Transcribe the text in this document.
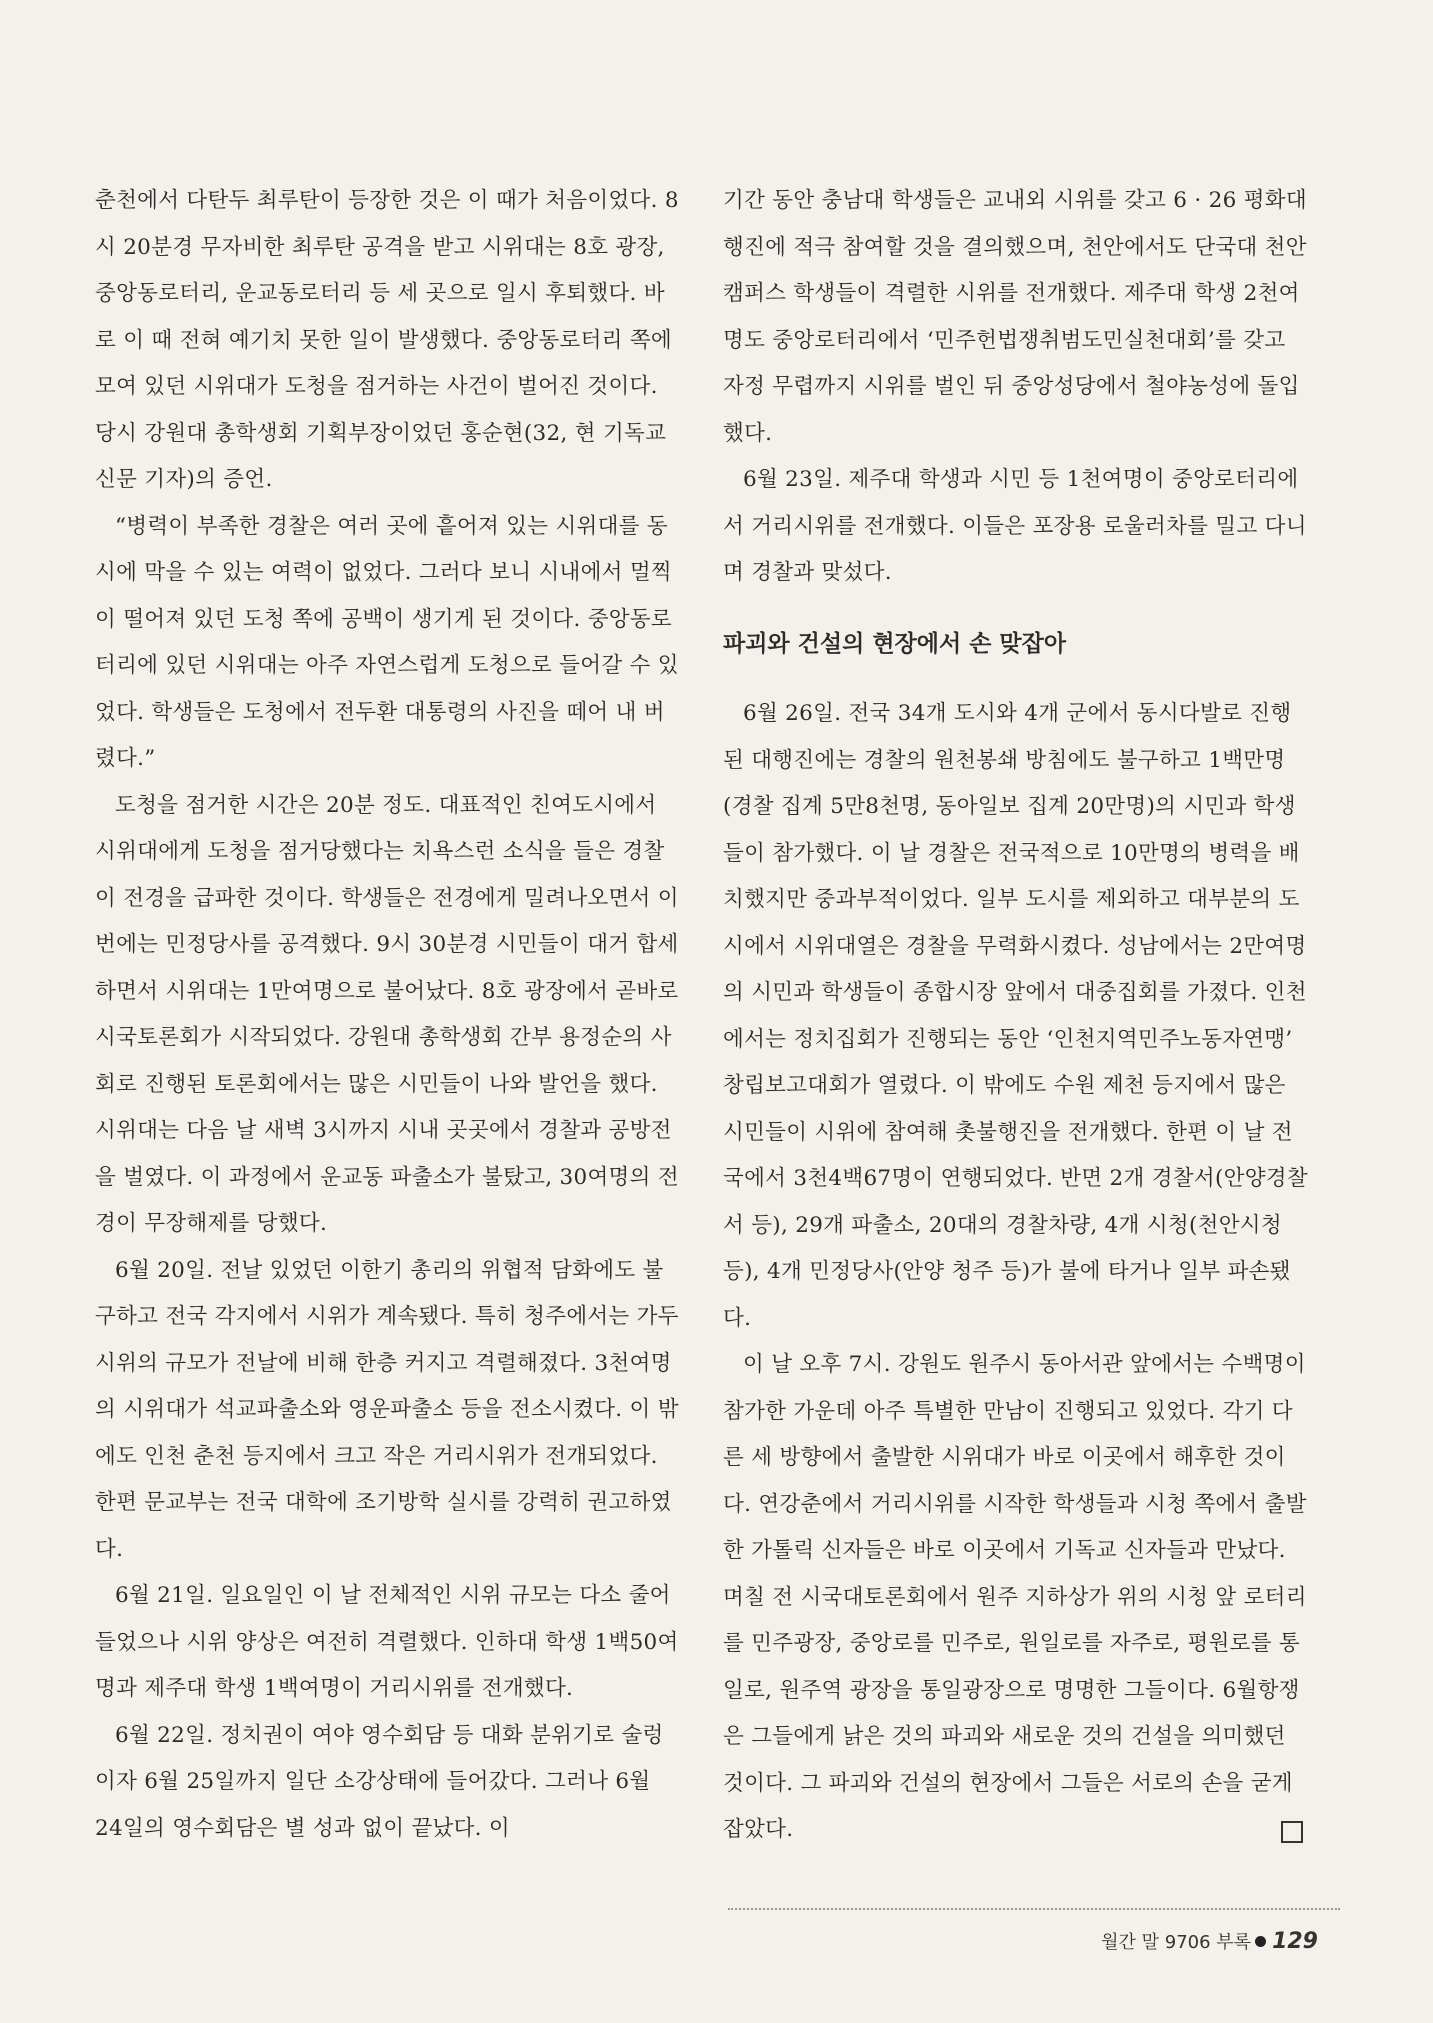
춘천에서 다탄두 최루탄이 등장한 것은 이 때가 처음이었다. 8시 20분경 무자비한 최루탄 공격을 받고 시위대는 8호 광장, 중앙동로터리, 운교동로터리 등 세 곳으로 일시 후퇴했다. 바로 이 때 전혀 예기치 못한 일이 발생했다. 중앙동로터리 쪽에 모여 있던 시위대가 도청을 점거하는 사건이 벌어진 것이다. 당시 강원대 총학생회 기획부장이었던 홍순현(32, 현 기독교신문 기자)의 증언.

“병력이 부족한 경찰은 여러 곳에 흩어져 있는 시위대를 동시에 막을 수 있는 여력이 없었다. 그러다 보니 시내에서 멀찍이 떨어져 있던 도청 쪽에 공백이 생기게 된 것이다. 중앙동로터리에 있던 시위대는 아주 자연스럽게 도청으로 들어갈 수 있었다. 학생들은 도청에서 전두환 대통령의 사진을 떼어 내 버렸다.”

도청을 점거한 시간은 20분 정도. 대표적인 친여도시에서 시위대에게 도청을 점거당했다는 치욕스런 소식을 들은 경찰이 전경을 급파한 것이다. 학생들은 전경에게 밀려나오면서 이번에는 민정당사를 공격했다. 9시 30분경 시민들이 대거 합세하면서 시위대는 1만여명으로 불어났다. 8호 광장에서 곧바로 시국토론회가 시작되었다. 강원대 총학생회 간부 용정순의 사회로 진행된 토론회에서는 많은 시민들이 나와 발언을 했다. 시위대는 다음 날 새벽 3시까지 시내 곳곳에서 경찰과 공방전을 벌였다. 이 과정에서 운교동 파출소가 불탔고, 30여명의 전경이 무장해제를 당했다.

6월 20일. 전날 있었던 이한기 총리의 위협적 담화에도 불구하고 전국 각지에서 시위가 계속됐다. 특히 청주에서는 가두시위의 규모가 전날에 비해 한층 커지고 격렬해졌다. 3천여명의 시위대가 석교파출소와 영운파출소 등을 전소시켰다. 이 밖에도 인천 춘천 등지에서 크고 작은 거리시위가 전개되었다. 한편 문교부는 전국 대학에 조기방학 실시를 강력히 권고하였다.

6월 21일. 일요일인 이 날 전체적인 시위 규모는 다소 줄어들었으나 시위 양상은 여전히 격렬했다. 인하대 학생 1백50여명과 제주대 학생 1백여명이 거리시위를 전개했다.

6월 22일. 정치권이 여야 영수회담 등 대화 분위기로 술렁이자 6월 25일까지 일단 소강상태에 들어갔다. 그러나 6월 24일의 영수회담은 별 성과 없이 끝났다. 이

기간 동안 충남대 학생들은 교내외 시위를 갖고 6 · 26 평화대행진에 적극 참여할 것을 결의했으며, 천안에서도 단국대 천안캠퍼스 학생들이 격렬한 시위를 전개했다. 제주대 학생 2천여명도 중앙로터리에서 ‘민주헌법쟁취범도민실천대회’를 갖고 자정 무렵까지 시위를 벌인 뒤 중앙성당에서 철야농성에 돌입했다.

6월 23일. 제주대 학생과 시민 등 1천여명이 중앙로터리에서 거리시위를 전개했다. 이들은 포장용 로울러차를 밀고 다니며 경찰과 맞섰다.

파괴와 건설의 현장에서 손 맞잡아

6월 26일. 전국 34개 도시와 4개 군에서 동시다발로 진행된 대행진에는 경찰의 원천봉쇄 방침에도 불구하고 1백만명(경찰 집계 5만8천명, 동아일보 집계 20만명)의 시민과 학생들이 참가했다. 이 날 경찰은 전국적으로 10만명의 병력을 배치했지만 중과부적이었다. 일부 도시를 제외하고 대부분의 도시에서 시위대열은 경찰을 무력화시켰다. 성남에서는 2만여명의 시민과 학생들이 종합시장 앞에서 대중집회를 가졌다. 인천에서는 정치집회가 진행되는 동안 ‘인천지역민주노동자연맹’ 창립보고대회가 열렸다. 이 밖에도 수원 제천 등지에서 많은 시민들이 시위에 참여해 촛불행진을 전개했다. 한편 이 날 전국에서 3천4백67명이 연행되었다. 반면 2개 경찰서(안양경찰서 등), 29개 파출소, 20대의 경찰차량, 4개 시청(천안시청 등), 4개 민정당사(안양 청주 등)가 불에 타거나 일부 파손됐다.

이 날 오후 7시. 강원도 원주시 동아서관 앞에서는 수백명이 참가한 가운데 아주 특별한 만남이 진행되고 있었다. 각기 다른 세 방향에서 출발한 시위대가 바로 이곳에서 해후한 것이다. 연강춘에서 거리시위를 시작한 학생들과 시청 쪽에서 출발한 가톨릭 신자들은 바로 이곳에서 기독교 신자들과 만났다. 며칠 전 시국대토론회에서 원주 지하상가 위의 시청 앞 로터리를 민주광장, 중앙로를 민주로, 원일로를 자주로, 평원로를 통일로, 원주역 광장을 통일광장으로 명명한 그들이다. 6월항쟁은 그들에게 낡은 것의 파괴와 새로운 것의 건설을 의미했던 것이다. 그 파괴와 건설의 현장에서 그들은 서로의 손을 굳게 잡았다.

월간 말 9706 부록 129
